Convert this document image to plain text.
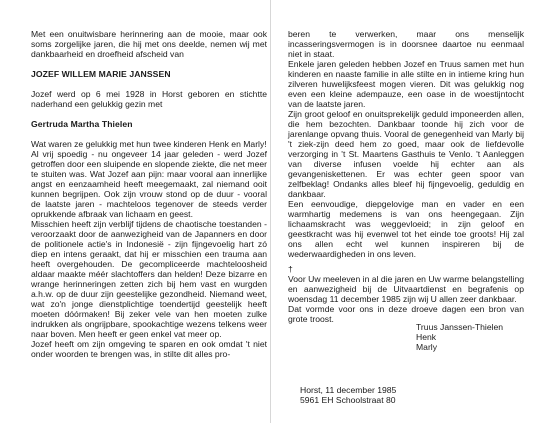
Met een onuitwisbare herinnering aan de mooie, maar ook soms zorgelijke jaren, die hij met ons deelde, nemen wij met dankbaarheid en droefheid afscheid van

JOZEF WILLEM MARIE JANSSEN

Jozef werd op 6 mei 1928 in Horst geboren en stichtte naderhand een gelukkig gezin met

Gertruda Martha Thielen

Wat waren ze gelukkig met hun twee kinderen Henk en Marly!

Al vrij spoedig - nu ongeveer 14 jaar geleden - werd Jozef getroffen door een sluipende en slopende ziekte, die net meer te stuiten was. Wat Jozef aan pijn: maar vooral aan innerlijke angst en eenzaamheid heeft meegemaakt, zal niemand ooit kunnen begrijpen. Ook zijn vrouw stond op de duur - vooral de laatste jaren - machteloos tegenover de steeds verder oprukkende afbraak van lichaam en geest.

Misschien heeft zijn verblijf tijdens de chaotische toestanden - veroorzaakt door de aanwezigheid van de Japanners en door de politionele actie's in Indonesië - zijn fijngevoelig hart zó diep en intens geraakt, dat hij er misschien een trauma aan heeft overgehouden. De gecompliceerde machteloosheid aldaar maakte méér slachtoffers dan helden! Deze bizarre en wrange herinneringen zetten zich bij hem vast en wurgden a.h.w. op de duur zijn geestelijke gezondheid. Niemand weet, wat zo'n jonge dienstplichtige toendertijd geestelijk heeft moeten dóórmaken! Bij zeker vele van hen moeten zulke indrukken als ongrijpbare, spookachtige wezens telkens weer naar boven. Men heeft er geen enkel vat meer op.

Jozef heeft om zijn omgeving te sparen en ook omdat 't niet onder woorden te brengen was, in stilte dit alles pro-

beren te verwerken, maar ons menselijk incasseringsvermogen is in doorsnee daartoe nu eenmaal niet in staat.

Enkele jaren geleden hebben Jozef en Truus samen met hun kinderen en naaste familie in alle stilte en in intieme kring hun zilveren huwelijksfeest mogen vieren. Dit was gelukkig nog even een kleine adempauze, een oase in de woestijntocht van de laatste jaren.

Zijn groot geloof en onuitsprekelijk geduld imponeerden allen, die hem bezochten. Dankbaar toonde hij zich voor de jarenlange opvang thuis. Vooral de genegenheid van Marly bij 't ziek-zijn deed hem zo goed, maar ook de liefdevolle verzorging in 't St. Maartens Gasthuis te Venlo. 't Aanleggen van diverse infusen voelde hij echter aan als gevangeniskettenen. Er was echter geen spoor van zelfbeklag! Ondanks alles bleef hij fijngevoelig, geduldig en dankbaar.

Een eenvoudige, diepgelovige man en vader en een warmhartig medemens is van ons heengegaan. Zijn lichaamskracht was weggevloeid; in zijn geloof en geestkracht was hij evenwel tot het einde toe groots! Hij zal ons allen echt wel kunnen inspireren bij de wederwaardigheden in ons leven.

†

Voor Uw meeleven in al die jaren en Uw warme belangstelling en aanwezigheid bij de Uitvaartdienst en begrafenis op woensdag 11 december 1985 zijn wij U allen zeer dankbaar.

Dat vormde voor ons in deze droeve dagen een bron van grote troost.

Truus Janssen-Thielen
Henk
Marly
Horst, 11 december 1985
5961 EH Schoolstraat 80
